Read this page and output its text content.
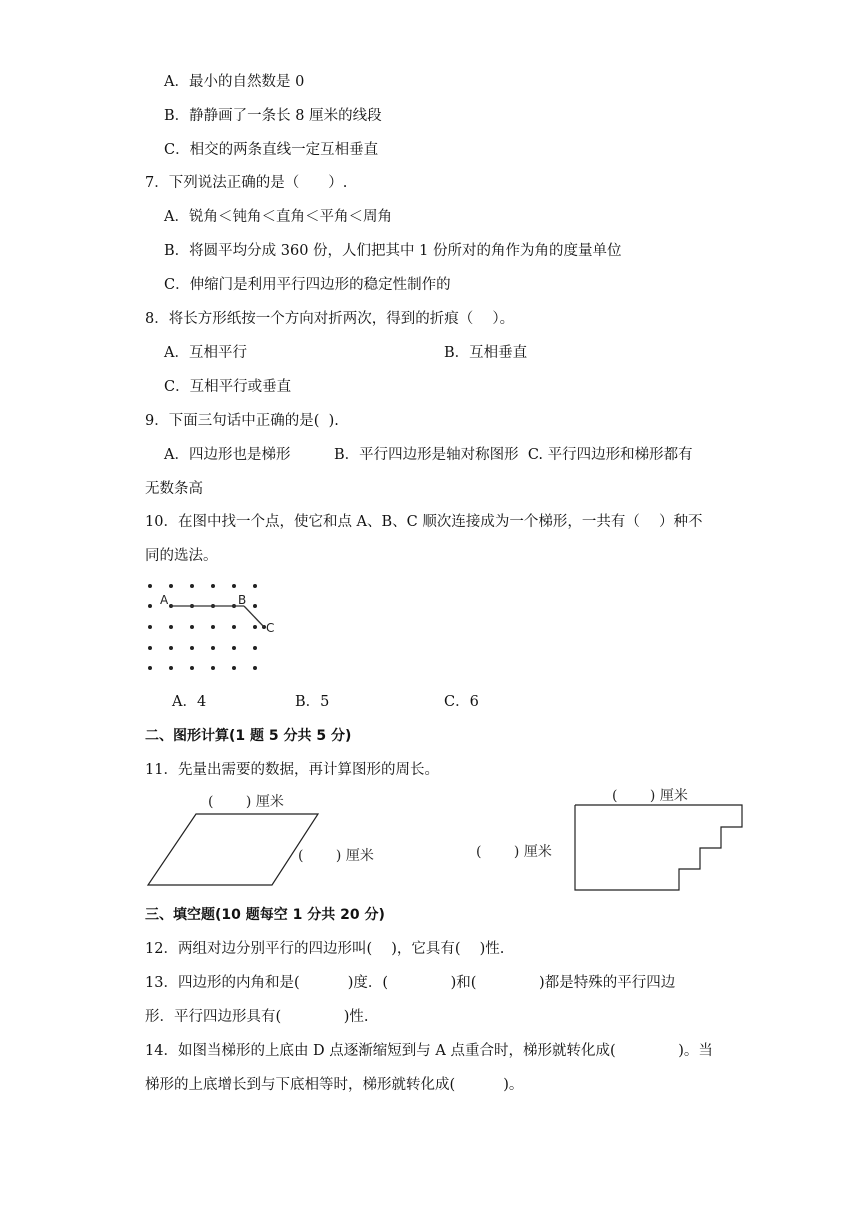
A．最小的自然数是 0
B．静静画了一条长 8 厘米的线段
C．相交的两条直线一定互相垂直
7．下列说法正确的是（　　）.
A．锐角＜钝角＜直角＜平角＜周角
B．将圆平均分成 360 份，人们把其中 1 份所对的角作为角的度量单位
C．伸缩门是利用平行四边形的稳定性制作的
8．将长方形纸按一个方向对折两次，得到的折痕（　 ）。
A．互相平行	B．互相垂直
C．互相平行或垂直
9．下面三句话中正确的是(  ).
A．四边形也是梯形　　　B．平行四边形是轴对称图形  C. 平行四边形和梯形都有
无数条高
10．在图中找一个点，使它和点 A、B、C 顺次连接成为一个梯形，一共有（　 ）种不
同的选法。
A	B
C
A．4	B．5	C．6
二、图形计算(1 题 5 分共 5 分)
11．先量出需要的数据，再计算图形的周长。
(　　 ) 厘米
(　　 ) 厘米
(　　 ) 厘米
(　　 ) 厘米
三、填空题(10 题每空 1 分共 20 分)
12．两组对边分别平行的四边形叫(　 )，它具有(　 )性.
13．四边形的内角和是(　　　 )度．(　　　　 )和(　　　　 )都是特殊的平行四边
形．平行四边形具有(　　　　 )性.
14．如图当梯形的上底由 D 点逐渐缩短到与 A 点重合时，梯形就转化成(　　　　 )。当
梯形的上底增长到与下底相等时，梯形就转化成(　　　 )。
